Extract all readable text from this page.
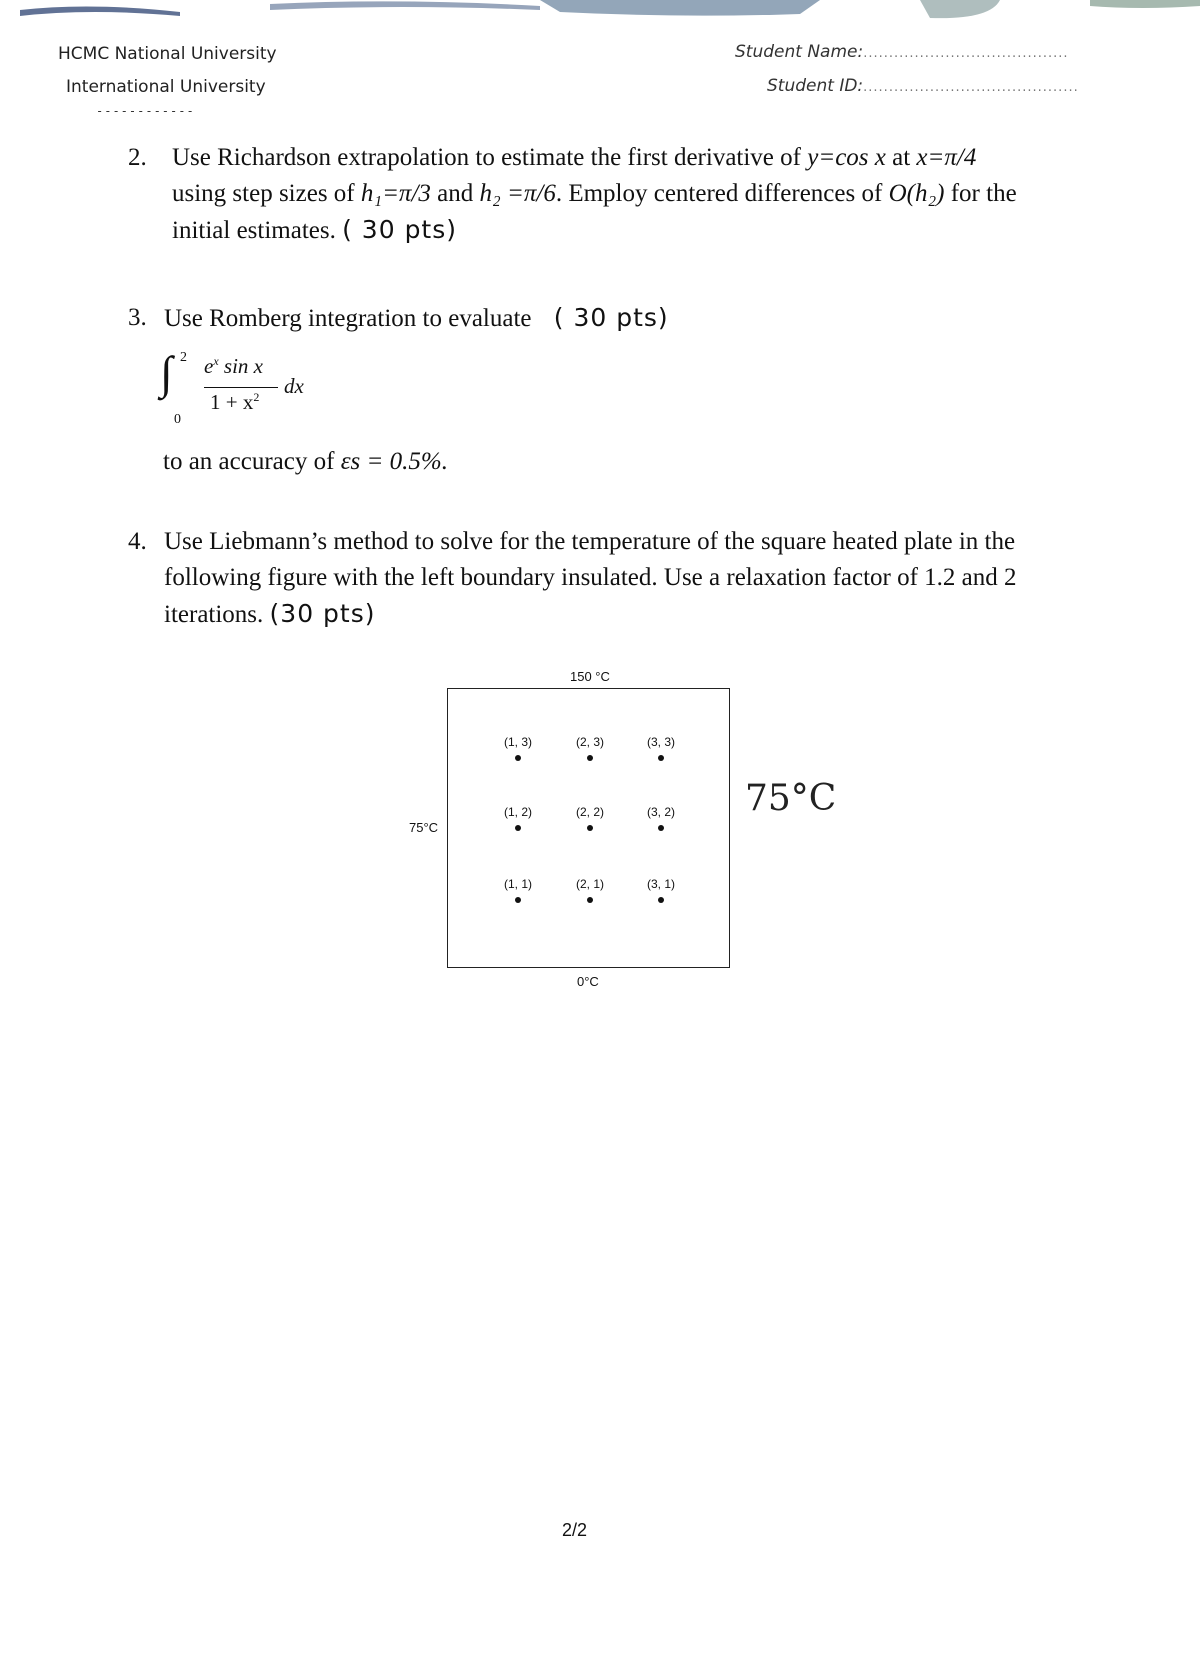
HCMC National University
International University
------------
Student Name:........................................
Student ID:..........................................
2. Use Richardson extrapolation to estimate the first derivative of y=cos x at x=π/4
using step sizes of h₁=π/3 and h₂ =π/6. Employ centered differences of O(h₂) for the
initial estimates. ( 30 pts)
3. Use Romberg integration to evaluate ( 30 pts)
∫ 2
0
$e^x$ sin x
$1 + x^2$ dx
to an accuracy of εs = 0.5%.
4. Use Liebmann’s method to solve for the temperature of the square heated plate in the
following figure with the left boundary insulated. Use a relaxation factor of 1.2 and 2
iterations. (30 pts)
150 °C
75°C
0°C
(1, 3)	(2, 3)	(3, 3)
(1, 2)	(2, 2)	(3, 2)
(1, 1)	(2, 1)	(3, 1)
75°C
2/2
